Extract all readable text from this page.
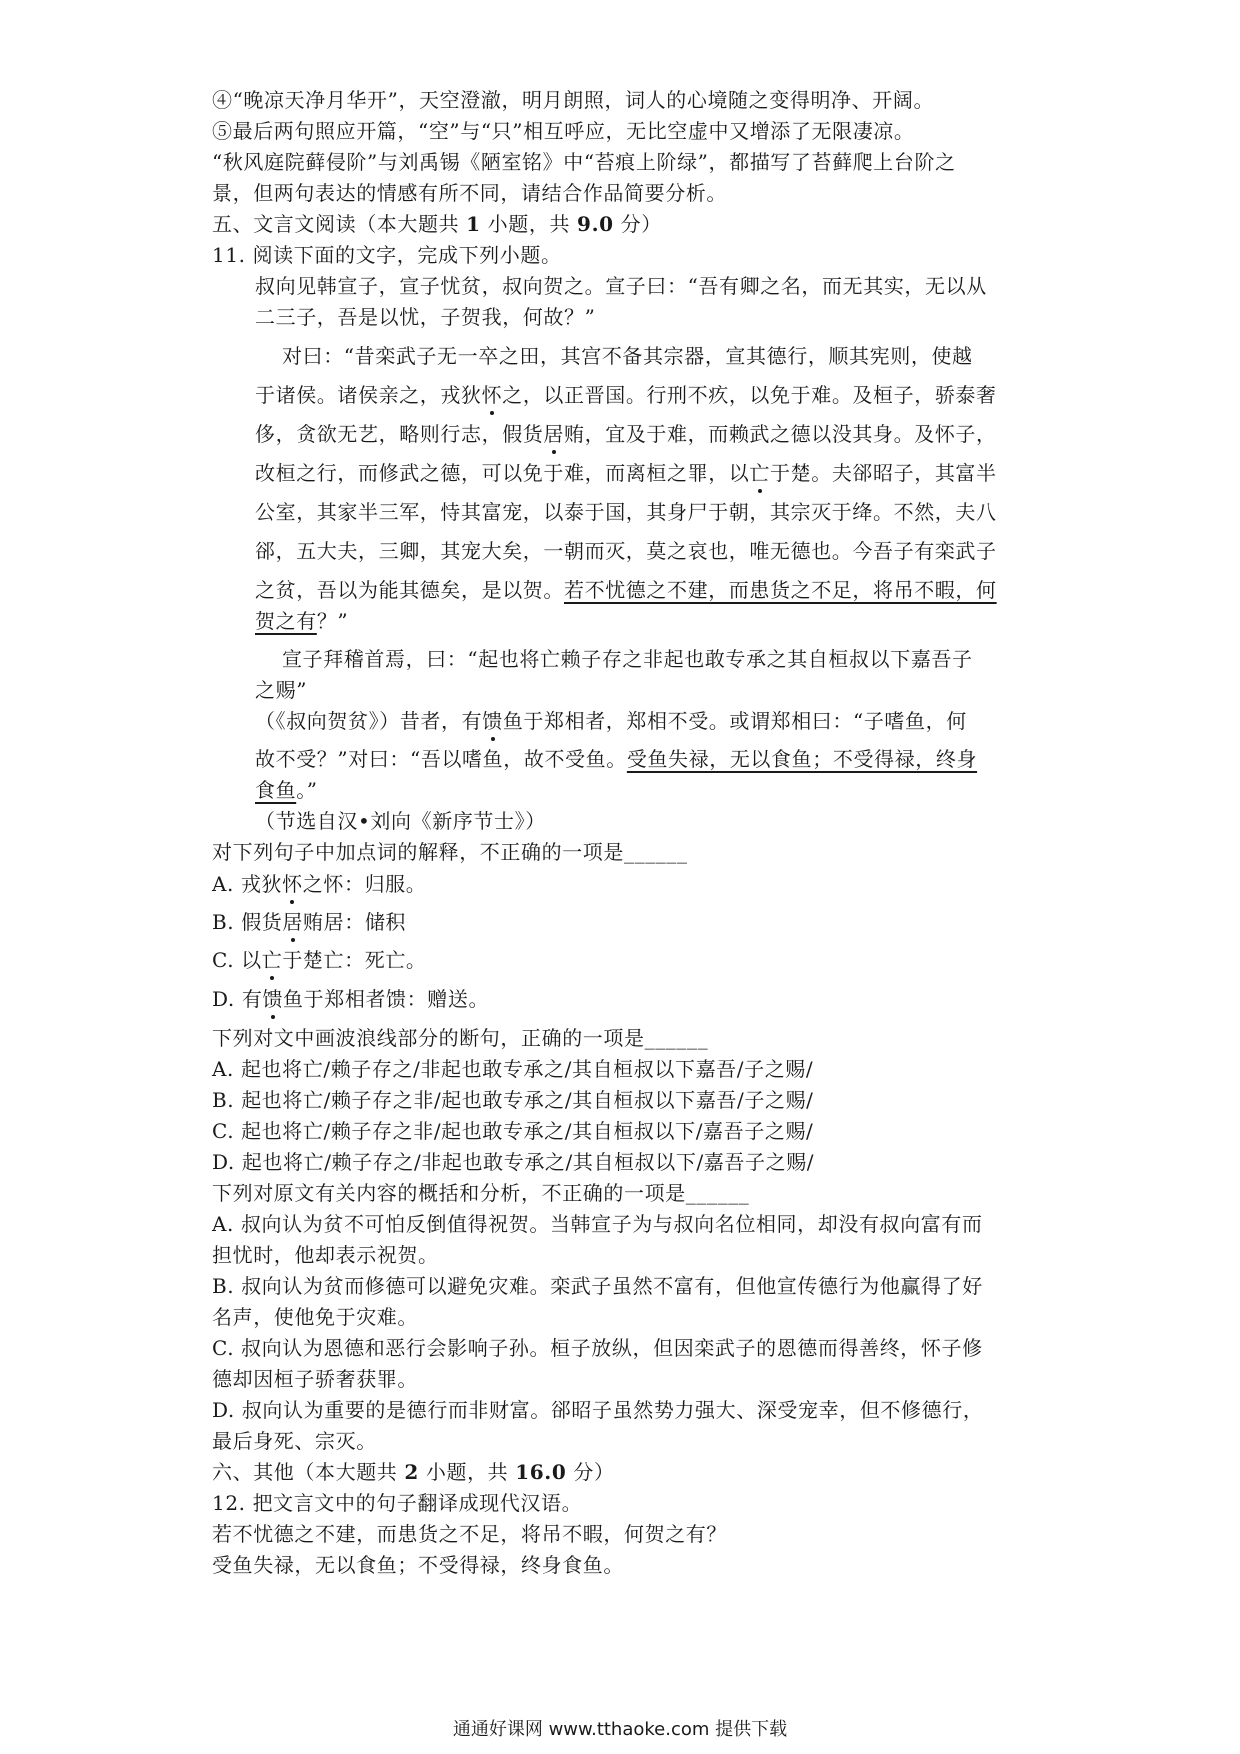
④“晚凉天净月华开”，天空澄澈，明月朗照，词人的心境随之变得明净、开阔。
⑤最后两句照应开篇，“空”与“只”相互呼应，无比空虚中又增添了无限凄凉。
“秋风庭院藓侵阶”与刘禹锡《陋室铭》中“苔痕上阶绿”，都描写了苔藓爬上台阶之
景，但两句表达的情感有所不同，请结合作品简要分析。
五、文言文阅读（本大题共 1 小题，共 9.0 分）
11. 阅读下面的文字，完成下列小题。
叔向见韩宣子，宣子忧贫，叔向贺之。宣子曰：“吾有卿之名，而无其实，无以从
二三子，吾是以忧，子贺我，何故？”
对曰：“昔栾武子无一卒之田，其宫不备其宗器，宣其德行，顺其宪则，使越
于诸侯。诸侯亲之，戎狄怀之，以正晋国。行刑不疚，以免于难。及桓子，骄泰奢
侈，贪欲无艺，略则行志，假货居贿，宜及于难，而赖武之德以没其身。及怀子，
改桓之行，而修武之德，可以免于难，而离桓之罪，以亡于楚。夫郤昭子，其富半
公室，其家半三军，恃其富宠，以泰于国，其身尸于朝，其宗灭于绛。不然，夫八
郤，五大夫，三卿，其宠大矣，一朝而灭，莫之哀也，唯无德也。今吾子有栾武子
之贫，吾以为能其德矣，是以贺。若不忧德之不建，而患货之不足，将吊不暇，何
贺之有？”
宣子拜稽首焉，曰：“起也将亡赖子存之非起也敢专承之其自桓叔以下嘉吾子
之赐”
（《叔向贺贫》）昔者，有馈鱼于郑相者，郑相不受。或谓郑相曰：“子嗜鱼，何
故不受？”对曰：“吾以嗜鱼，故不受鱼。受鱼失禄，无以食鱼；不受得禄，终身
食鱼。”
（节选自汉•刘向《新序节士》）
对下列句子中加点词的解释，不正确的一项是______
A. 戎狄怀之怀：归服。
B. 假货居贿居：储积
C. 以亡于楚亡：死亡。
D. 有馈鱼于郑相者馈：赠送。
下列对文中画波浪线部分的断句，正确的一项是______
A. 起也将亡/赖子存之/非起也敢专承之/其自桓叔以下嘉吾/子之赐/
B. 起也将亡/赖子存之非/起也敢专承之/其自桓叔以下嘉吾/子之赐/
C. 起也将亡/赖子存之非/起也敢专承之/其自桓叔以下/嘉吾子之赐/
D. 起也将亡/赖子存之/非起也敢专承之/其自桓叔以下/嘉吾子之赐/
下列对原文有关内容的概括和分析，不正确的一项是______
A. 叔向认为贫不可怕反倒值得祝贺。当韩宣子为与叔向名位相同，却没有叔向富有而
担忧时，他却表示祝贺。
B. 叔向认为贫而修德可以避免灾难。栾武子虽然不富有，但他宣传德行为他赢得了好
名声，使他免于灾难。
C. 叔向认为恩德和恶行会影响子孙。桓子放纵，但因栾武子的恩德而得善终，怀子修
德却因桓子骄奢获罪。
D. 叔向认为重要的是德行而非财富。郤昭子虽然势力强大、深受宠幸，但不修德行，
最后身死、宗灭。
六、其他（本大题共 2 小题，共 16.0 分）
12. 把文言文中的句子翻译成现代汉语。
若不忧德之不建，而患货之不足，将吊不暇，何贺之有？
受鱼失禄，无以食鱼；不受得禄，终身食鱼。
通通好课网 www.tthaoke.com 提供下载
